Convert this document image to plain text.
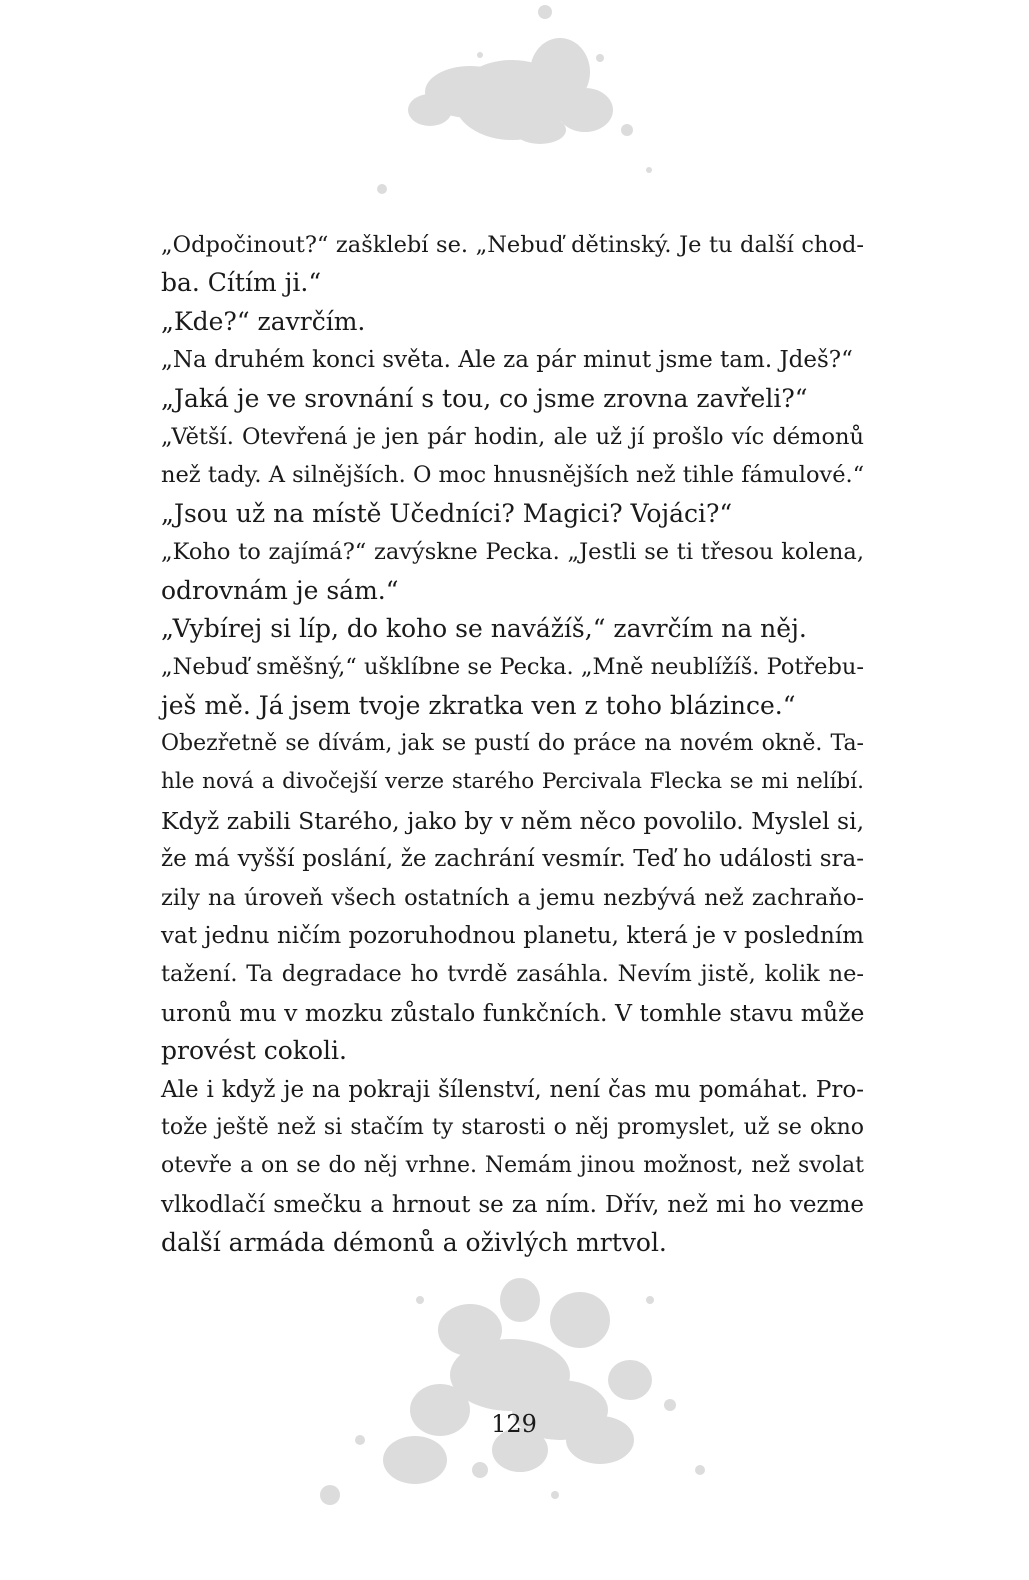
„Odpočinout?“ zašklebí se. „Nebuď dětinský. Je tu další chod-
ba. Cítím ji.“
„Kde?“ zavrčím.
„Na druhém konci světa. Ale za pár minut jsme tam. Jdeš?“
„Jaká je ve srovnání s tou, co jsme zrovna zavřeli?“
„Větší. Otevřená je jen pár hodin, ale už jí prošlo víc démonů
než tady. A silnějších. O moc hnusnějších než tihle fámulové.“
„Jsou už na místě Učedníci? Magici? Vojáci?“
„Koho to zajímá?“ zavýskne Pecka. „Jestli se ti třesou kolena,
odrovnám je sám.“
„Vybírej si líp, do koho se navážíš,“ zavrčím na něj.
„Nebuď směšný,“ ušklíbne se Pecka. „Mně neublížíš. Potřebu-
ješ mě. Já jsem tvoje zkratka ven z toho blázince.“
Obezřetně se dívám, jak se pustí do práce na novém okně. Ta-
hle nová a divočejší verze starého Percivala Flecka se mi nelíbí.
Když zabili Starého, jako by v něm něco povolilo. Myslel si,
že má vyšší poslání, že zachrání vesmír. Teď ho události sra-
zily na úroveň všech ostatních a jemu nezbývá než zachraňo-
vat jednu ničím pozoruhodnou planetu, která je v posledním
tažení. Ta degradace ho tvrdě zasáhla. Nevím jistě, kolik ne-
uronů mu v mozku zůstalo funkčních. V tomhle stavu může
provést cokoli.
Ale i když je na pokraji šílenství, není čas mu pomáhat. Pro-
tože ještě než si stačím ty starosti o něj promyslet, už se okno
otevře a on se do něj vrhne. Nemám jinou možnost, než svolat
vlkodlačí smečku a hrnout se za ním. Dřív, než mi ho vezme
další armáda démonů a oživlých mrtvol.
129
